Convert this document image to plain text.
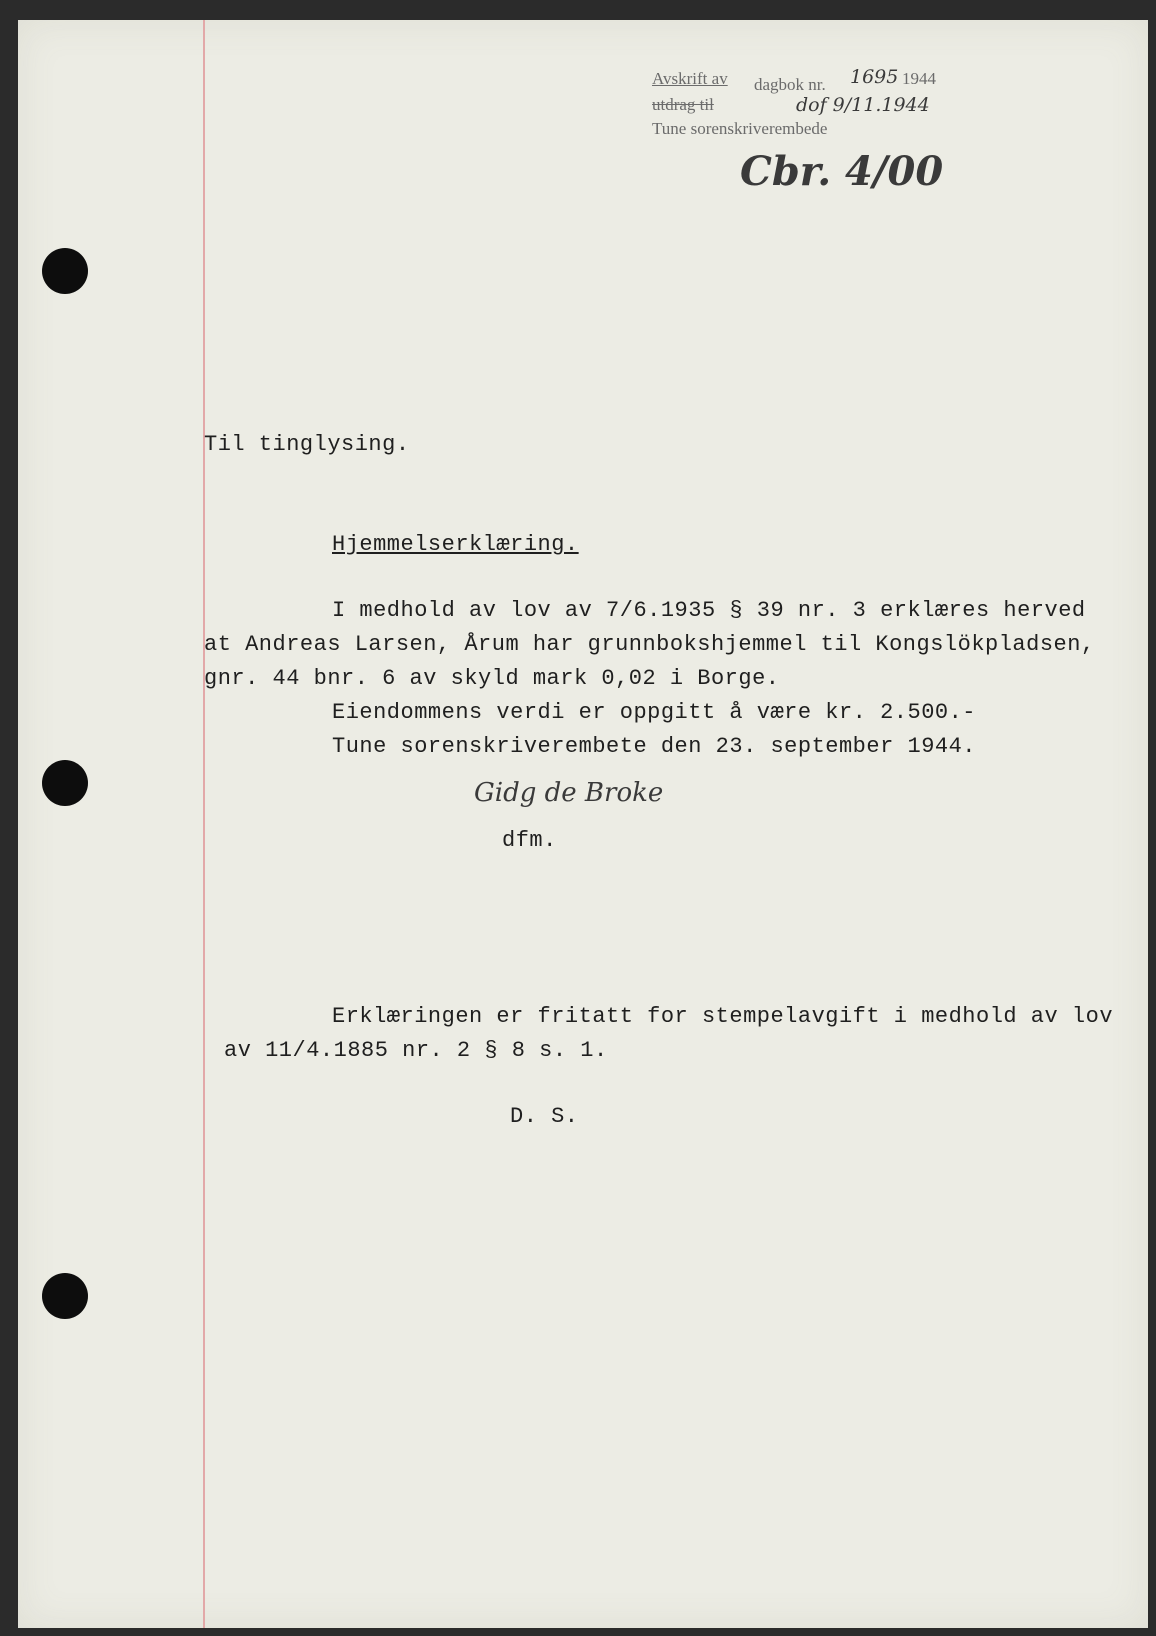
Avskrift av dagbok nr. 1695 1944
utdrag til	dof 9/11.1944
Tune sorenskriverembede
Cbr. 4/00
Til tinglysing.
Hjemmelserklæring.
I medhold av lov av 7/6.1935 § 39 nr. 3 erklæres herved
at Andreas Larsen, Årum har grunnbokshjemmel til Kongslökpladsen,
gnr. 44 bnr. 6 av skyld mark 0,02 i Borge.
Eiendommens verdi er oppgitt å være kr. 2.500.-
Tune sorenskriverembete den 23. september 1944.
Gidg de Broke
dfm.
Erklæringen er fritatt for stempelavgift i medhold av lov
av 11/4.1885 nr. 2 § 8 s. 1.
D. S.
